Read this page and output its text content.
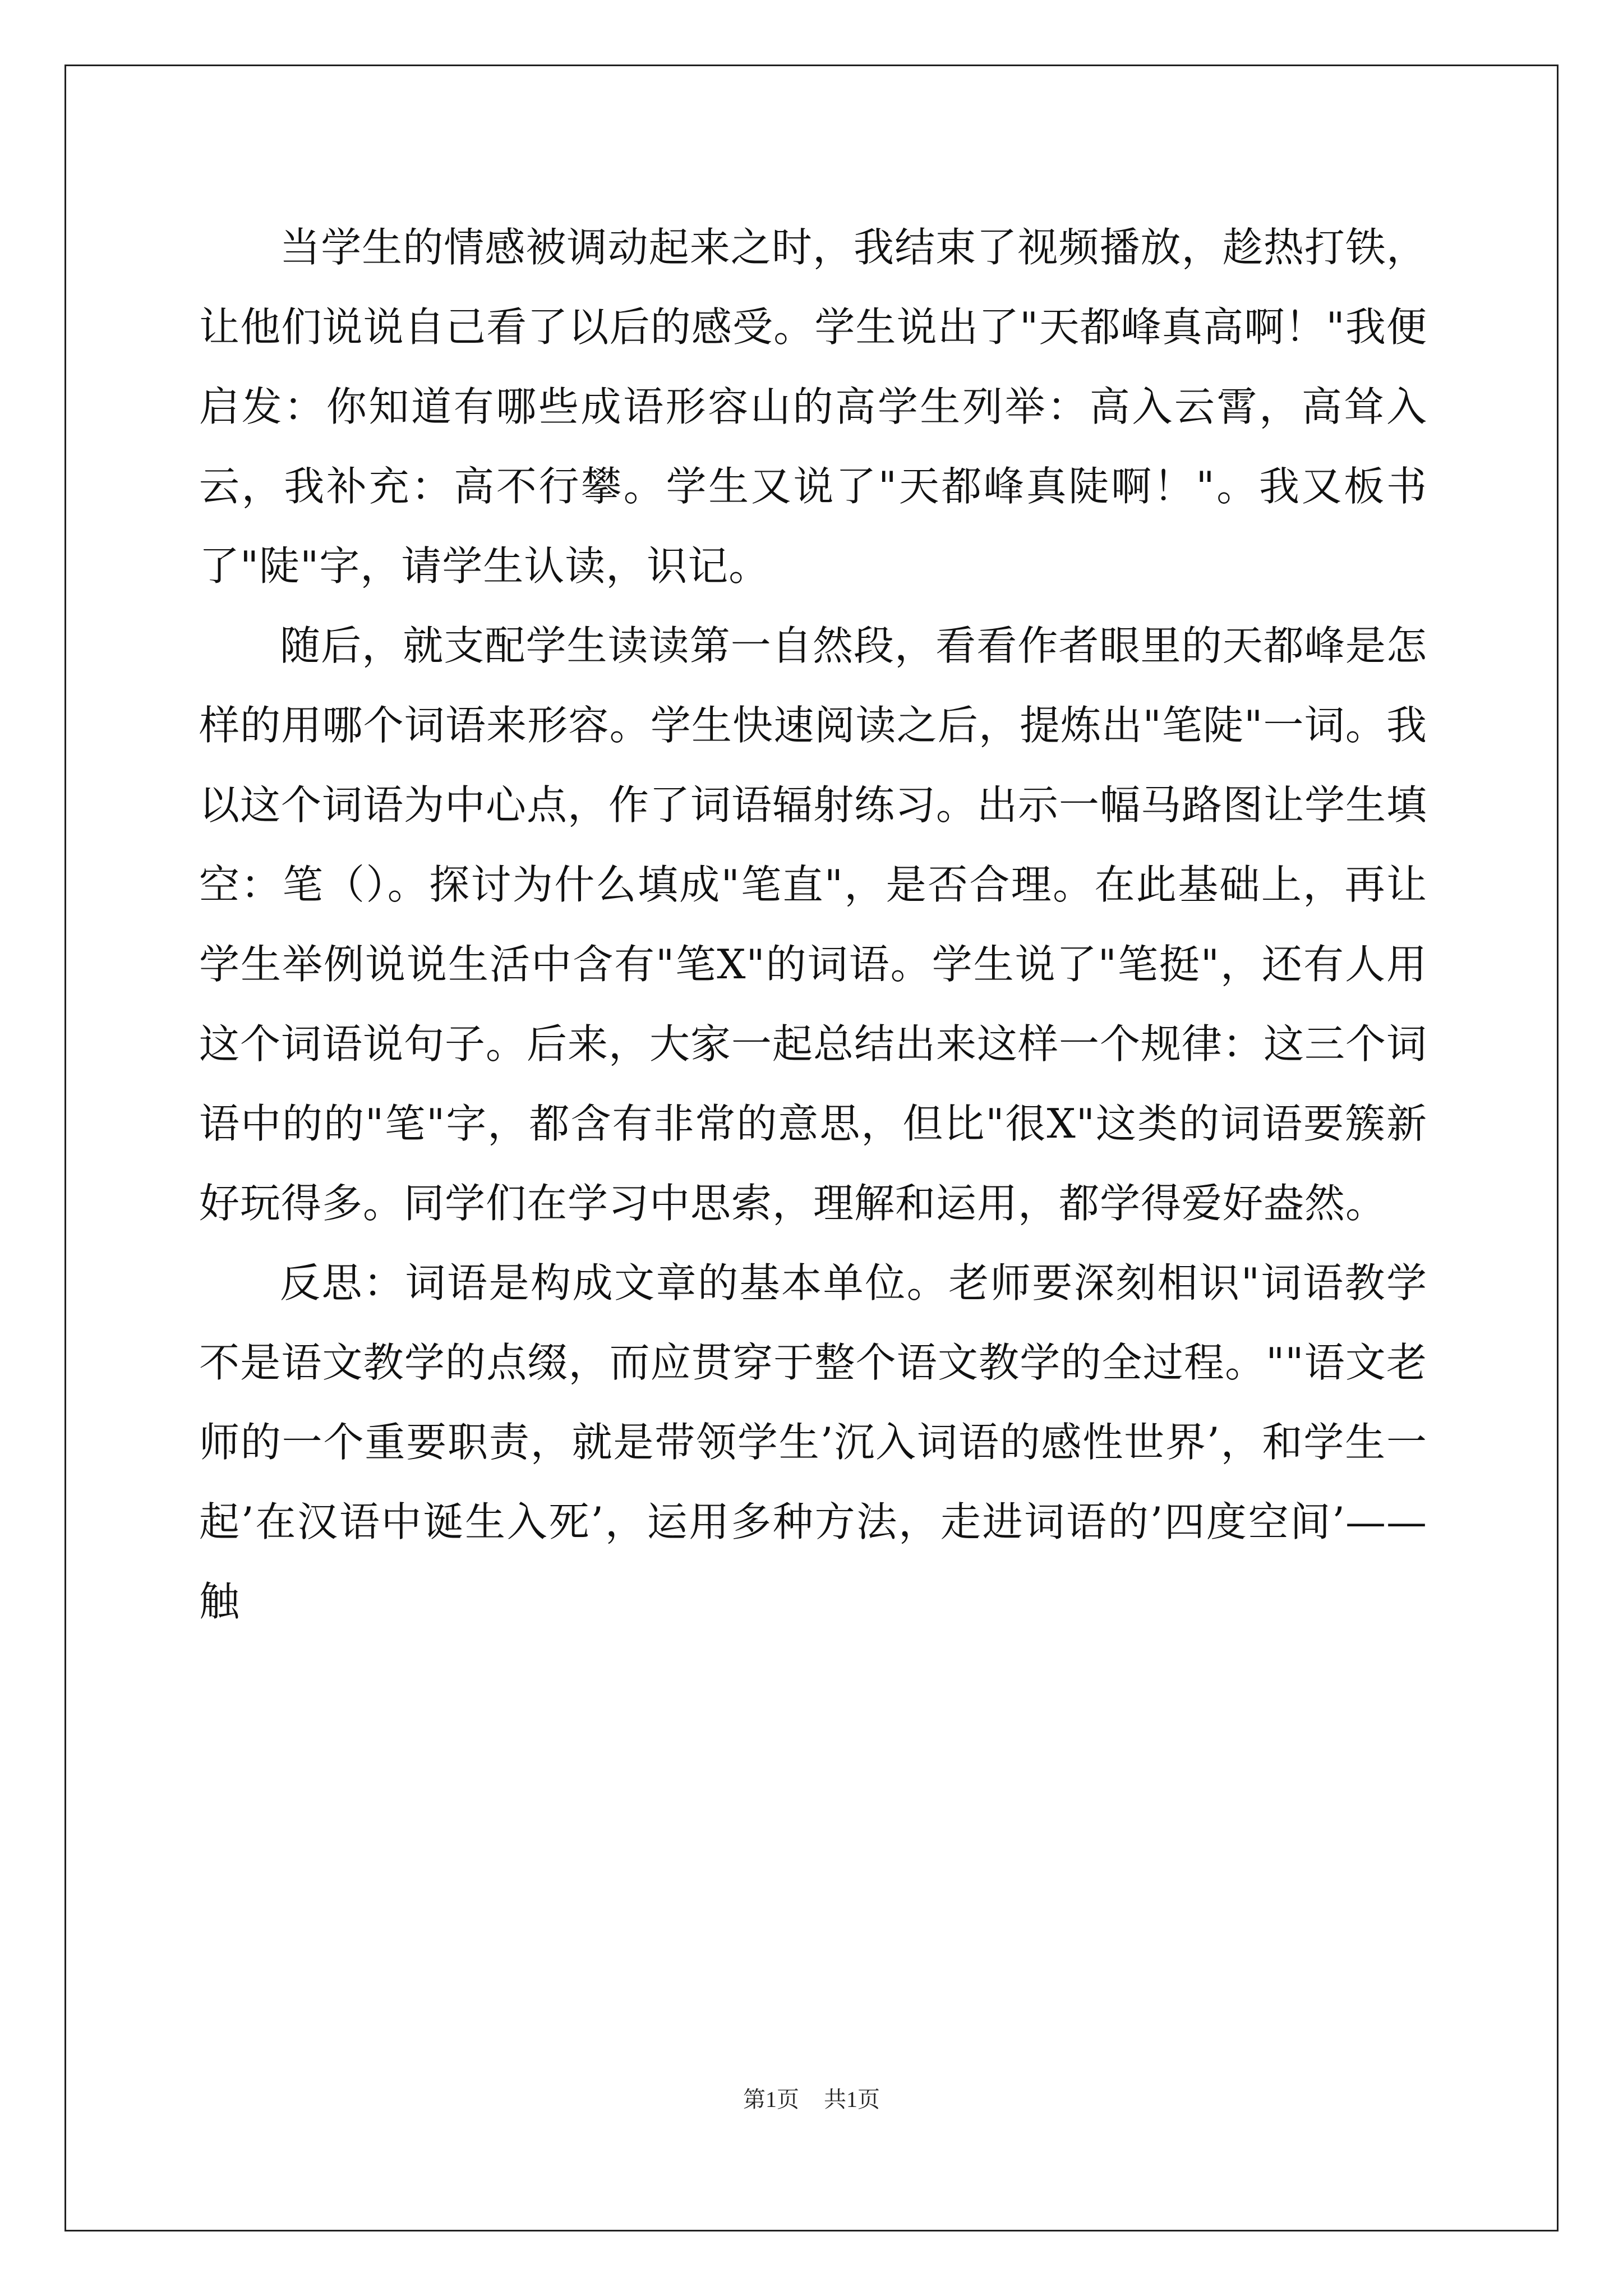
当学生的情感被调动起来之时，我结束了视频播放，趁热打铁，让他们说说自己看了以后的感受。学生说出了"天都峰真高啊！"我便启发：你知道有哪些成语形容山的高学生列举：高入云霄，高耸入云，我补充：高不行攀。学生又说了"天都峰真陡啊！"。我又板书了"陡"字，请学生认读，识记。

随后，就支配学生读读第一自然段，看看作者眼里的天都峰是怎样的用哪个词语来形容。学生快速阅读之后，提炼出"笔陡"一词。我以这个词语为中心点，作了词语辐射练习。出示一幅马路图让学生填空：笔（）。探讨为什么填成"笔直"，是否合理。在此基础上，再让学生举例说说生活中含有"笔X"的词语。学生说了"笔挺"，还有人用这个词语说句子。后来，大家一起总结出来这样一个规律：这三个词语中的的"笔"字，都含有非常的意思，但比"很X"这类的词语要簇新好玩得多。同学们在学习中思索，理解和运用，都学得爱好盎然。

反思：词语是构成文章的基本单位。老师要深刻相识"词语教学不是语文教学的点缀，而应贯穿于整个语文教学的全过程。""语文老师的一个重要职责，就是带领学生’沉入词语的感性世界’，和学生一起’在汉语中诞生入死’，运用多种方法，走进词语的’四度空间’——触

第1页 共1页
